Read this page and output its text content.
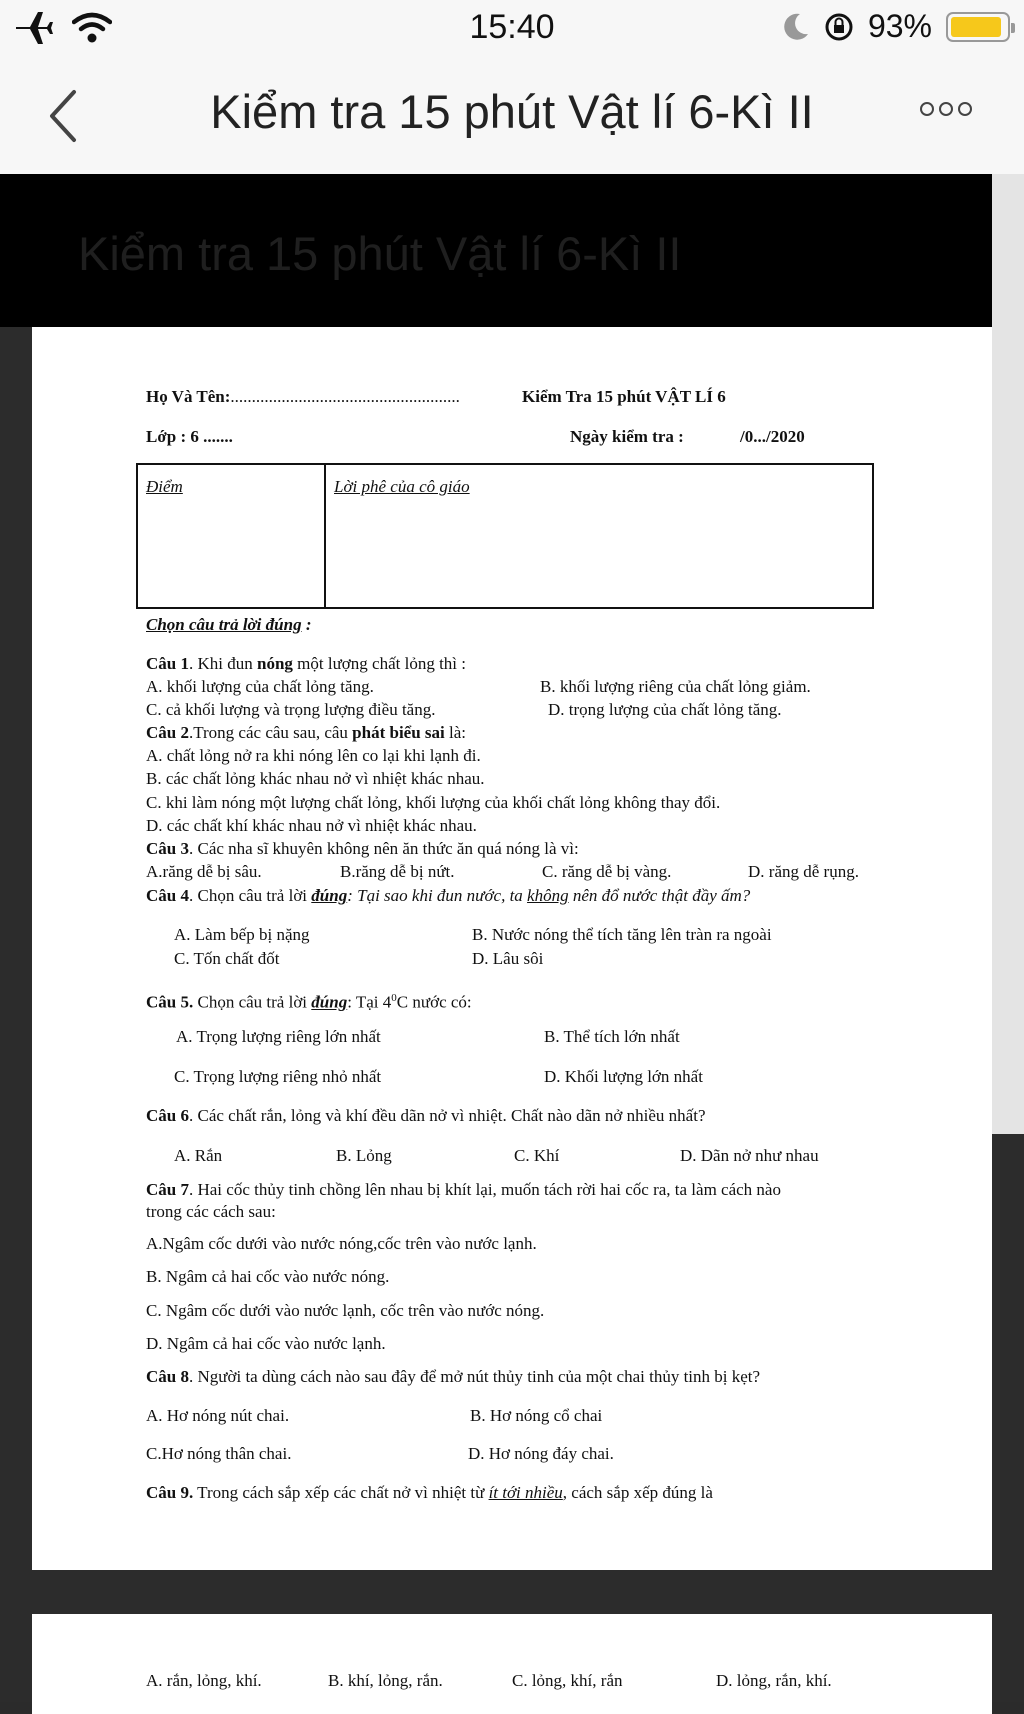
15:40	93%
Kiểm tra 15 phút Vật lí 6-Kì II
Kiểm tra 15 phút Vật lí 6-Kì II
Họ Và Tên:......................................................	Kiểm Tra 15 phút VẬT LÍ 6
Lớp : 6 .......	Ngày kiểm tra :	/0.../2020
Điểm	Lời phê của cô giáo
Chọn câu trả lời đúng :
Câu 1. Khi đun nóng một lượng chất lỏng thì :
A. khối lượng của chất lỏng tăng.	B. khối lượng riêng của chất lỏng giảm.
C. cả khối lượng và trọng lượng điều tăng.	D. trọng lượng của chất lỏng tăng.
Câu 2.Trong các câu sau, câu phát biểu sai là:
A. chất lỏng nở ra khi nóng lên co lại khi lạnh đi.
B. các chất lỏng khác nhau nở vì nhiệt khác nhau.
C. khi làm nóng một lượng chất lỏng, khối lượng của khối chất lỏng không thay đổi.
D. các chất khí khác nhau nở vì nhiệt khác nhau.
Câu 3. Các nha sĩ khuyên không nên ăn thức ăn quá nóng là vì:
A.răng dễ bị sâu.	B.răng dễ bị nứt.	C. răng dễ bị vàng.	D. răng dễ rụng.
Câu 4. Chọn câu trả lời đúng: Tại sao khi đun nước, ta không nên đổ nước thật đầy ấm?
A. Làm bếp bị nặng	B. Nước nóng thể tích tăng lên tràn ra ngoài
C. Tốn chất đốt	D. Lâu sôi
Câu 5. Chọn câu trả lời đúng: Tại $4^0C$ nước có:
A. Trọng lượng riêng lớn nhất	B. Thể tích lớn nhất
C. Trọng lượng riêng nhỏ nhất	D. Khối lượng lớn nhất
Câu 6. Các chất rắn, lỏng và khí đều dãn nở vì nhiệt. Chất nào dãn nở nhiều nhất?
A. Rắn	B. Lỏng	C. Khí	D. Dãn nở như nhau
Câu 7. Hai cốc thủy tinh chồng lên nhau bị khít lại, muốn tách rời hai cốc ra, ta làm cách nào
trong các cách sau:
A.Ngâm cốc dưới vào nước nóng,cốc trên vào nước lạnh.
B. Ngâm cả hai cốc vào nước nóng.
C. Ngâm cốc dưới vào nước lạnh, cốc trên vào nước nóng.
D. Ngâm cả hai cốc vào nước lạnh.
Câu 8. Người ta dùng cách nào sau đây để mở nút thủy tinh của một chai thủy tinh bị kẹt?
A. Hơ nóng nút chai.	B. Hơ nóng cổ chai
C.Hơ nóng thân chai.	D. Hơ nóng đáy chai.
Câu 9. Trong cách sắp xếp các chất nở vì nhiệt từ ít tới nhiều, cách sắp xếp đúng là
A. rắn, lỏng, khí.	B. khí, lỏng, rắn.	C. lỏng, khí, rắn	D. lỏng, rắn, khí.
